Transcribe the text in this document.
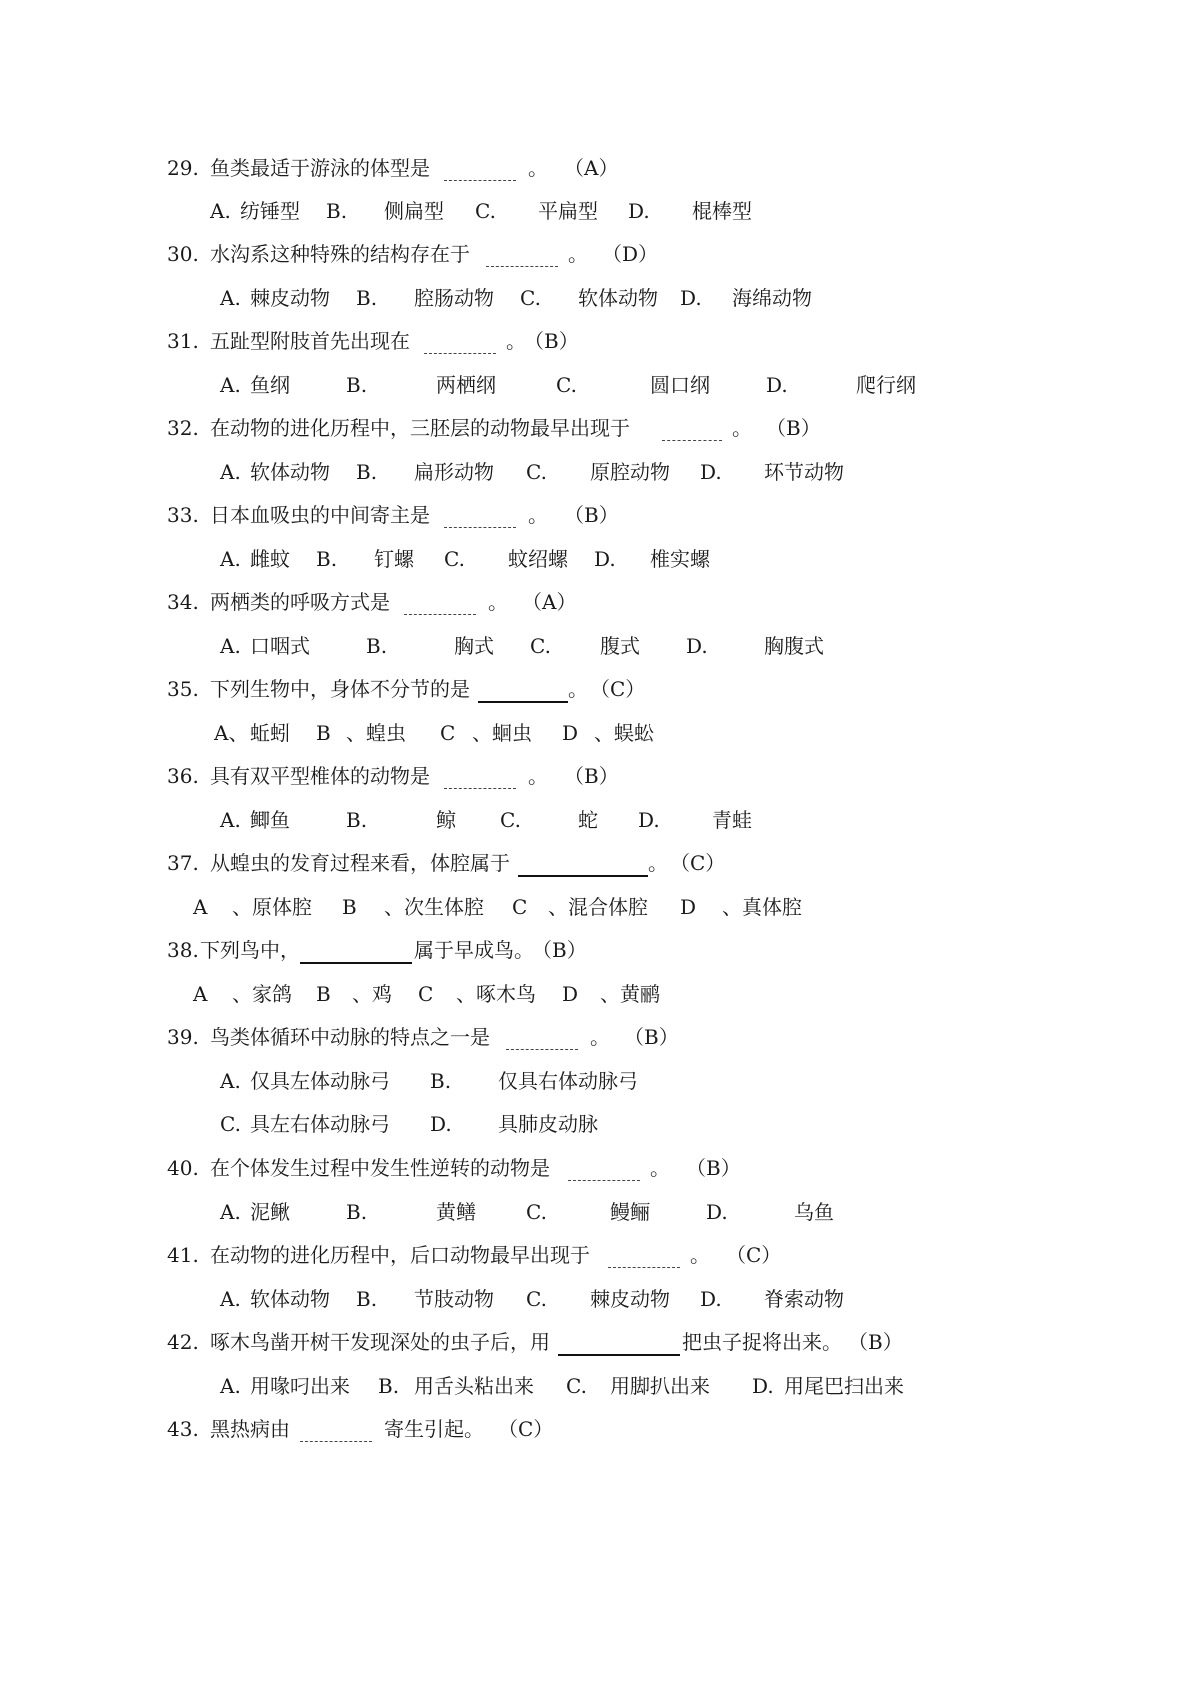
29. 鱼类最适于游泳的体型是	。 （A）
A. 纺锤型 B. 侧扁型 C. 平扁型 D. 棍棒型
30. 水沟系这种特殊的结构存在于	。 （D）
A. 棘皮动物 B. 腔肠动物 C. 软体动物 D. 海绵动物
31. 五趾型附肢首先出现在	。
（B）
A. 鱼纲	B.	两栖纲	C.	圆口纲	D.	爬行纲
32. 在动物的进化历程中，三胚层的动物最早出现于	。 （B）
A. 软体动物 B. 扁形动物 C. 原腔动物 D. 环节动物
33. 日本血吸虫的中间寄主是	。 （B）
A. 雌蚊 B. 钉螺 C. 蚊绍螺 D. 椎实螺
34. 两栖类的呼吸方式是	。 （A）
A. 口咽式	B.	胸式 C. 腹式 D.	胸腹式
35. 下列生物中，身体不分节的是	。 （C）
A、 蚯蚓 B 、蝗虫 C 、蛔虫 D 、蜈蚣
36. 具有双平型椎体的动物是	。 （B）
A. 鲫鱼	B.	鲸 C.	蛇 D.	青蛙
37. 从蝗虫的发育过程来看，体腔属于	。 （C）
A 、原体腔 B 、次生体腔 C 、混合体腔 D 、真体腔
38. 下列鸟中，	属于早成鸟。
（B）
A 、家鸽 B 、鸡 C 、啄木鸟 D 、黄鹂
39. 鸟类体循环中动脉的特点之一是	。 （B）
A. 仅具左体动脉弓 B. 仅具右体动脉弓
C. 具左右体动脉弓 D. 具肺皮动脉
40. 在个体发生过程中发生性逆转的动物是	。 （B）
A. 泥鳅	B.	黄鳝	C.	鳗鲡	D.	乌鱼
41. 在动物的进化历程中，后口动物最早出现于	。 （C）
A. 软体动物 B. 节肢动物 C. 棘皮动物 D. 脊索动物
42. 啄木鸟凿开树干发现深处的虫子后，用	把虫子捉将出来。 （B）
A. 用喙叼出来 B. 用舌头粘出来 C. 用脚扒出来 D. 用尾巴扫出来
43. 黑热病由	寄生引起。 （C）
